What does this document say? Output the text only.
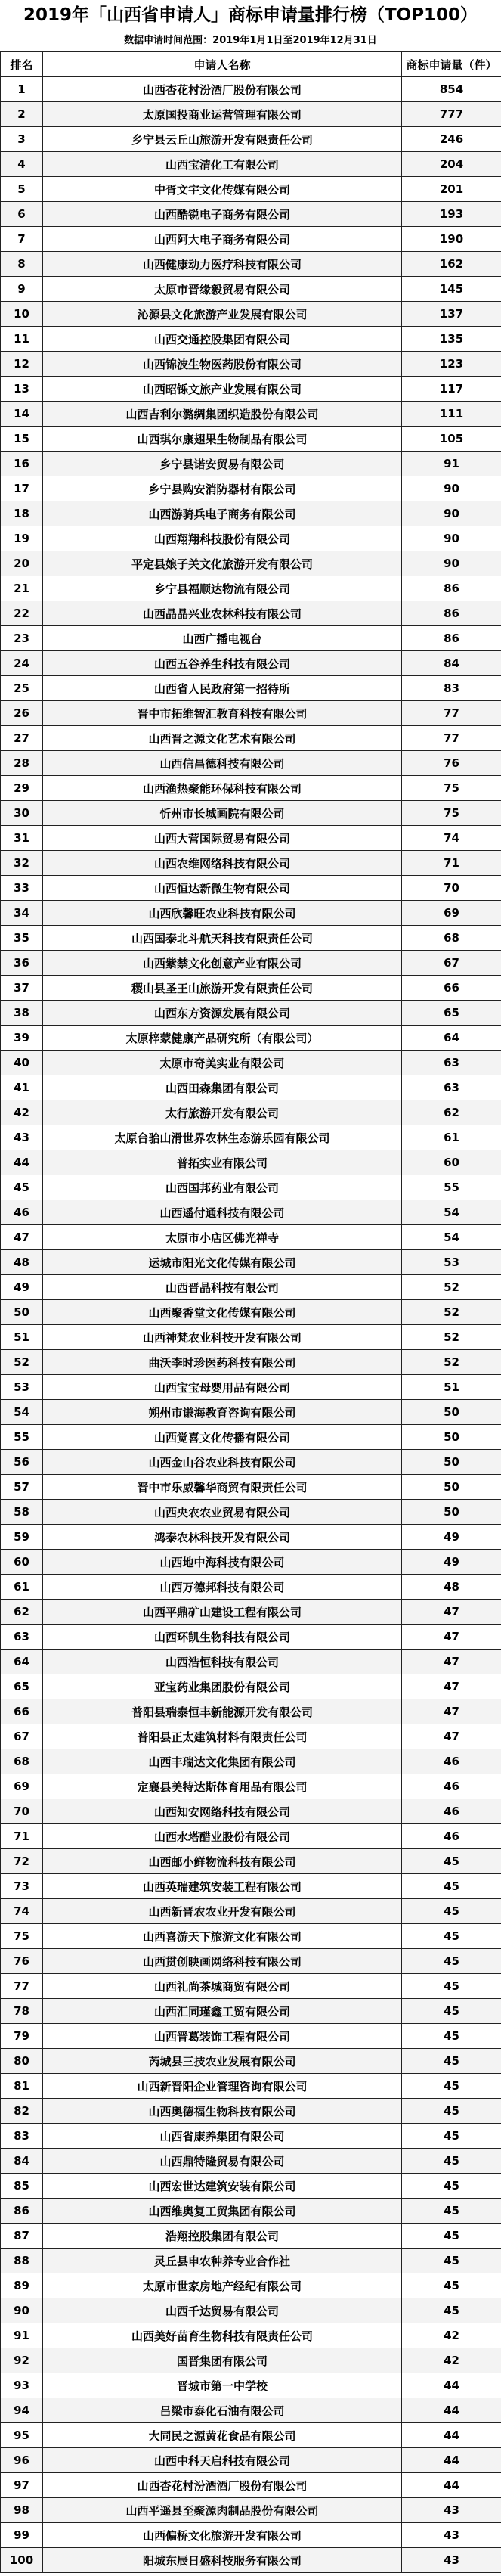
2019年「山西省申请人」商标申请量排行榜（TOP100）
数据申请时间范围：2019年1月1日至2019年12月31日
排名	申请人名称	商标申请量（件）
1	山西杏花村汾酒厂股份有限公司	854
2	太原国投商业运营管理有限公司	777
3	乡宁县云丘山旅游开发有限责任公司	246
4	山西宝清化工有限公司	204
5	中胥文宇文化传媒有限公司	201
6	山西酷锐电子商务有限公司	193
7	山西阿大电子商务有限公司	190
8	山西健康动力医疗科技有限公司	162
9	太原市晋缘毅贸易有限公司	145
10	沁源县文化旅游产业发展有限公司	137
11	山西交通控股集团有限公司	135
12	山西锦波生物医药股份有限公司	123
13	山西昭铄文旅产业发展有限公司	117
14	山西吉利尔潞绸集团织造股份有限公司	111
15	山西琪尔康翅果生物制品有限公司	105
16	乡宁县诺安贸易有限公司	91
17	乡宁县购安消防器材有限公司	90
18	山西游骑兵电子商务有限公司	90
19	山西翔翔科技股份有限公司	90
20	平定县娘子关文化旅游开发有限公司	90
21	乡宁县福顺达物流有限公司	86
22	山西晶晶兴业农林科技有限公司	86
23	山西广播电视台	86
24	山西五谷养生科技有限公司	84
25	山西省人民政府第一招待所	83
26	晋中市拓维智汇教育科技有限公司	77
27	山西晋之源文化艺术有限公司	77
28	山西信昌德科技有限公司	76
29	山西渔热聚能环保科技有限公司	75
30	忻州市长城画院有限公司	75
31	山西大营国际贸易有限公司	74
32	山西农维网络科技有限公司	71
33	山西恒达新微生物有限公司	70
34	山西欣馨旺农业科技有限公司	69
35	山西国泰北斗航天科技有限责任公司	68
36	山西紫禁文化创意产业有限公司	67
37	稷山县圣王山旅游开发有限责任公司	66
38	山西东方资源发展有限公司	65
39	太原梓蒙健康产品研究所（有限公司）	64
40	太原市奇美实业有限公司	63
41	山西田森集团有限公司	63
42	太行旅游开发有限公司	62
43	太原台骀山滑世界农林生态游乐园有限公司	61
44	普拓实业有限公司	60
45	山西国邦药业有限公司	55
46	山西遥付通科技有限公司	54
47	太原市小店区佛光禅寺	54
48	运城市阳光文化传媒有限公司	53
49	山西晋晶科技有限公司	52
50	山西聚香堂文化传媒有限公司	52
51	山西神梵农业科技开发有限公司	52
52	曲沃李时珍医药科技有限公司	52
53	山西宝宝母婴用品有限公司	51
54	朔州市谦海教育咨询有限公司	50
55	山西觉喜文化传播有限公司	50
56	山西金山谷农业科技有限公司	50
57	晋中市乐威馨华商贸有限责任公司	50
58	山西央农农业贸易有限公司	50
59	鸿泰农林科技开发有限公司	49
60	山西地中海科技有限公司	49
61	山西万德邦科技有限公司	48
62	山西平鼎矿山建设工程有限公司	47
63	山西环凯生物科技有限公司	47
64	山西浩恒科技有限公司	47
65	亚宝药业集团股份有限公司	47
66	普阳县瑞泰恒丰新能源开发有限公司	47
67	普阳县正太建筑材料有限责任公司	47
68	山西丰瑞达文化集团有限公司	46
69	定襄县美特达斯体育用品有限公司	46
70	山西知安网络科技有限公司	46
71	山西水塔醋业股份有限公司	46
72	山西邮小鲜物流科技有限公司	45
73	山西英瑞建筑安装工程有限公司	45
74	山西新晋农农业开发有限公司	45
75	山西喜游天下旅游文化有限公司	45
76	山西贯创映画网络科技有限公司	45
77	山西礼尚茶城商贸有限公司	45
78	山西汇同瑾鑫工贸有限公司	45
79	山西晋葛装饰工程有限公司	45
80	芮城县三技农业发展有限公司	45
81	山西新晋阳企业管理咨询有限公司	45
82	山西奥德福生物科技有限公司	45
83	山西省康养集团有限公司	45
84	山西鼎特隆贸易有限公司	45
85	山西宏世达建筑安装有限公司	45
86	山西维奥复工贸集团有限公司	45
87	浩翔控股集团有限公司	45
88	灵丘县申农种养专业合作社	45
89	太原市世家房地产经纪有限公司	45
90	山西千达贸易有限公司	45
91	山西美好苗育生物科技有限责任公司	42
92	国晋集团有限公司	42
93	晋城市第一中学校	44
94	吕梁市泰化石油有限公司	44
95	大同民之源黄花食品有限公司	44
96	山西中科天启科技有限公司	44
97	山西杏花村汾酒酒厂股份有限公司	44
98	山西平遥县至聚源肉制品股份有限公司	43
99	山西偏桥文化旅游开发有限公司	43
100	阳城东辰日盛科技服务有限公司	43
